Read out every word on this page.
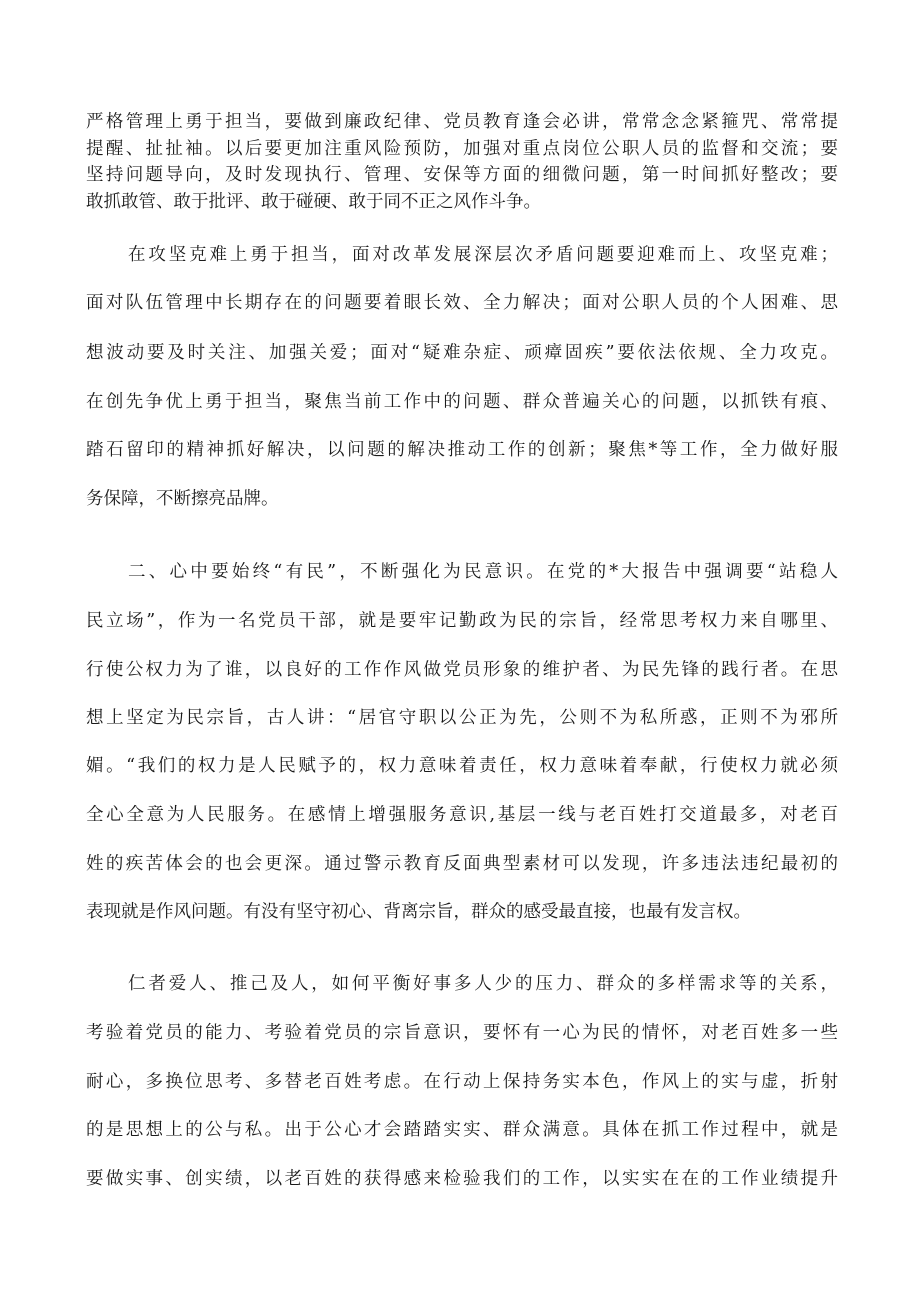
严格管理上勇于担当，要做到廉政纪律、党员教育逢会必讲，常常念念紧箍咒、常常提
提醒、扯扯袖。以后要更加注重风险预防，加强对重点岗位公职人员的监督和交流；要
坚持问题导向，及时发现执行、管理、安保等方面的细微问题，第一时间抓好整改；要
敢抓敢管、敢于批评、敢于碰硬、敢于同不正之风作斗争。
在攻坚克难上勇于担当，面对改革发展深层次矛盾问题要迎难而上、攻坚克难；
面对队伍管理中长期存在的问题要着眼长效、全力解决；面对公职人员的个人困难、思
想波动要及时关注、加强关爱；面对“疑难杂症、顽瘴固疾”要依法依规、全力攻克。
在创先争优上勇于担当，聚焦当前工作中的问题、群众普遍关心的问题，以抓铁有痕、
踏石留印的精神抓好解决，以问题的解决推动工作的创新；聚焦*等工作，全力做好服
务保障，不断擦亮品牌。
二、心中要始终“有民”，不断强化为民意识。在党的*大报告中强调要“站稳人
民立场”，作为一名党员干部，就是要牢记勤政为民的宗旨，经常思考权力来自哪里、
行使公权力为了谁，以良好的工作作风做党员形象的维护者、为民先锋的践行者。在思
想上坚定为民宗旨，古人讲：“居官守职以公正为先，公则不为私所惑，正则不为邪所
媚。“我们的权力是人民赋予的，权力意味着责任，权力意味着奉献，行使权力就必须
全心全意为人民服务。在感情上增强服务意识,基层一线与老百姓打交道最多，对老百
姓的疾苦体会的也会更深。通过警示教育反面典型素材可以发现，许多违法违纪最初的
表现就是作风问题。有没有坚守初心、背离宗旨，群众的感受最直接，也最有发言权。
仁者爱人、推己及人，如何平衡好事多人少的压力、群众的多样需求等的关系，
考验着党员的能力、考验着党员的宗旨意识，要怀有一心为民的情怀，对老百姓多一些
耐心，多换位思考、多替老百姓考虑。在行动上保持务实本色，作风上的实与虚，折射
的是思想上的公与私。出于公心才会踏踏实实、群众满意。具体在抓工作过程中，就是
要做实事、创实绩，以老百姓的获得感来检验我们的工作，以实实在在的工作业绩提升
